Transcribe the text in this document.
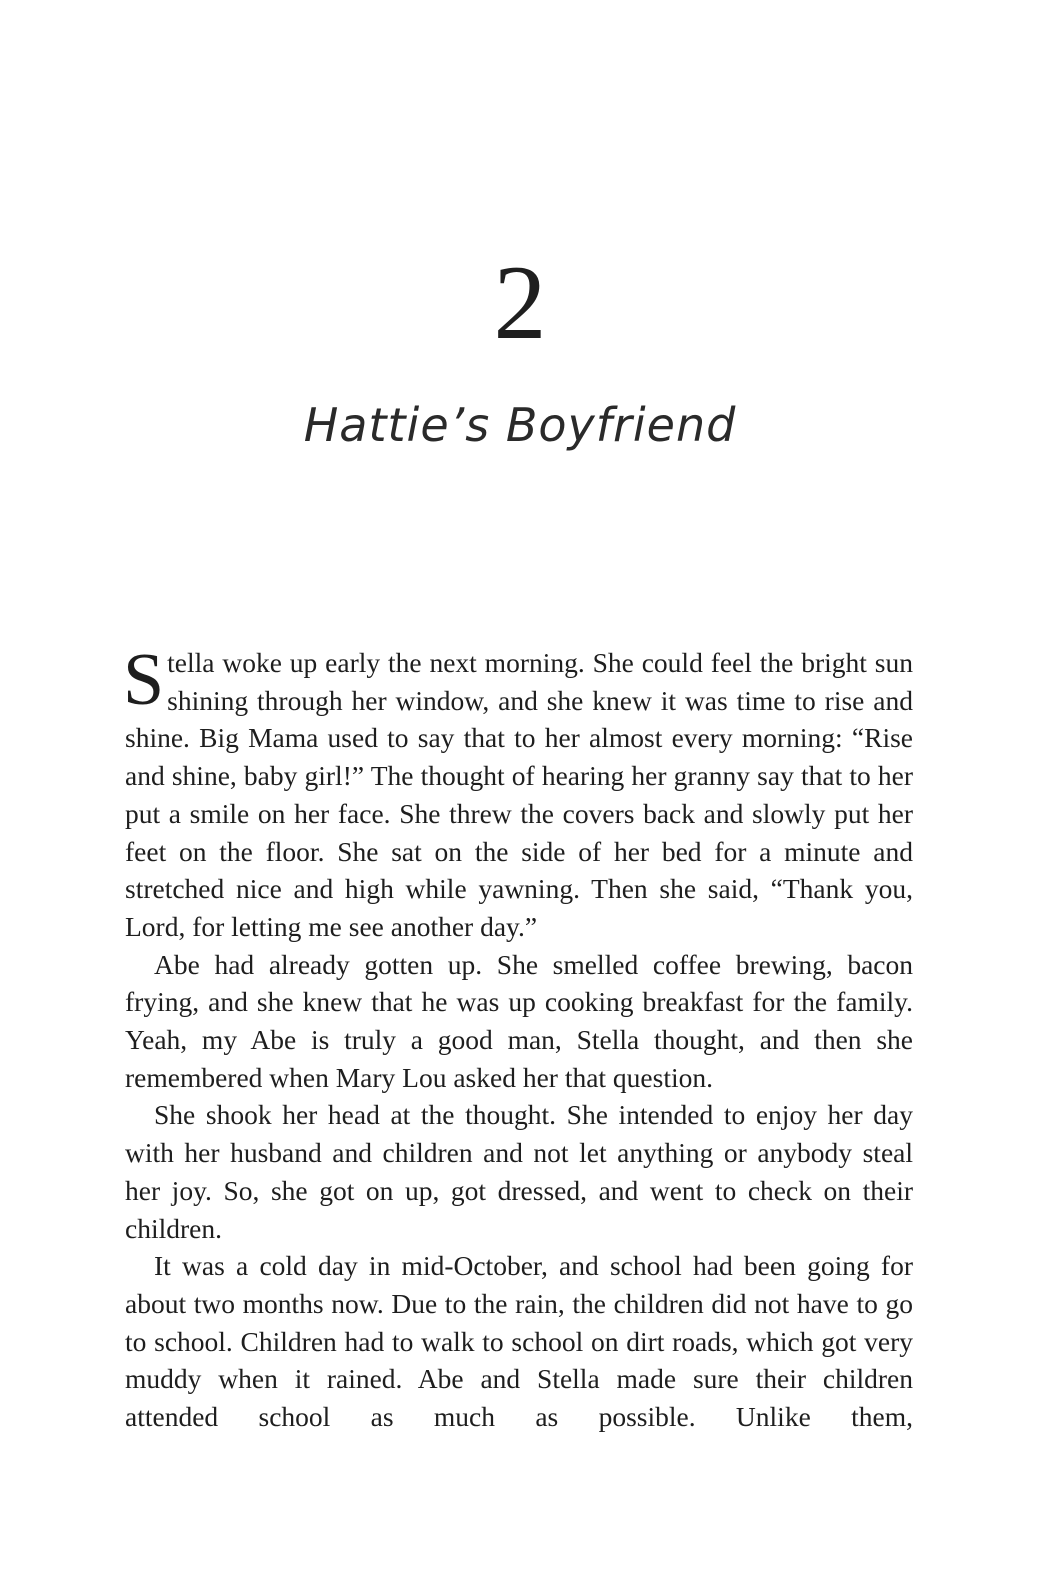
2
Hattie’s Boyfriend

Stella woke up early the next morning. She could feel the bright sun shining through her window, and she knew it was time to rise and shine. Big Mama used to say that to her almost every morning: “Rise and shine, baby girl!” The thought of hearing her granny say that to her put a smile on her face. She threw the covers back and slowly put her feet on the floor. She sat on the side of her bed for a minute and stretched nice and high while yawning. Then she said, “Thank you, Lord, for letting me see another day.”

Abe had already gotten up. She smelled coffee brewing, bacon frying, and she knew that he was up cooking breakfast for the family. Yeah, my Abe is truly a good man, Stella thought, and then she remembered when Mary Lou asked her that question.

She shook her head at the thought. She intended to enjoy her day with her husband and children and not let anything or anybody steal her joy. So, she got on up, got dressed, and went to check on their children.

It was a cold day in mid-October, and school had been going for about two months now. Due to the rain, the children did not have to go to school. Children had to walk to school on dirt roads, which got very muddy when it rained. Abe and Stella made sure their children attended school as much as possible. Unlike them,
